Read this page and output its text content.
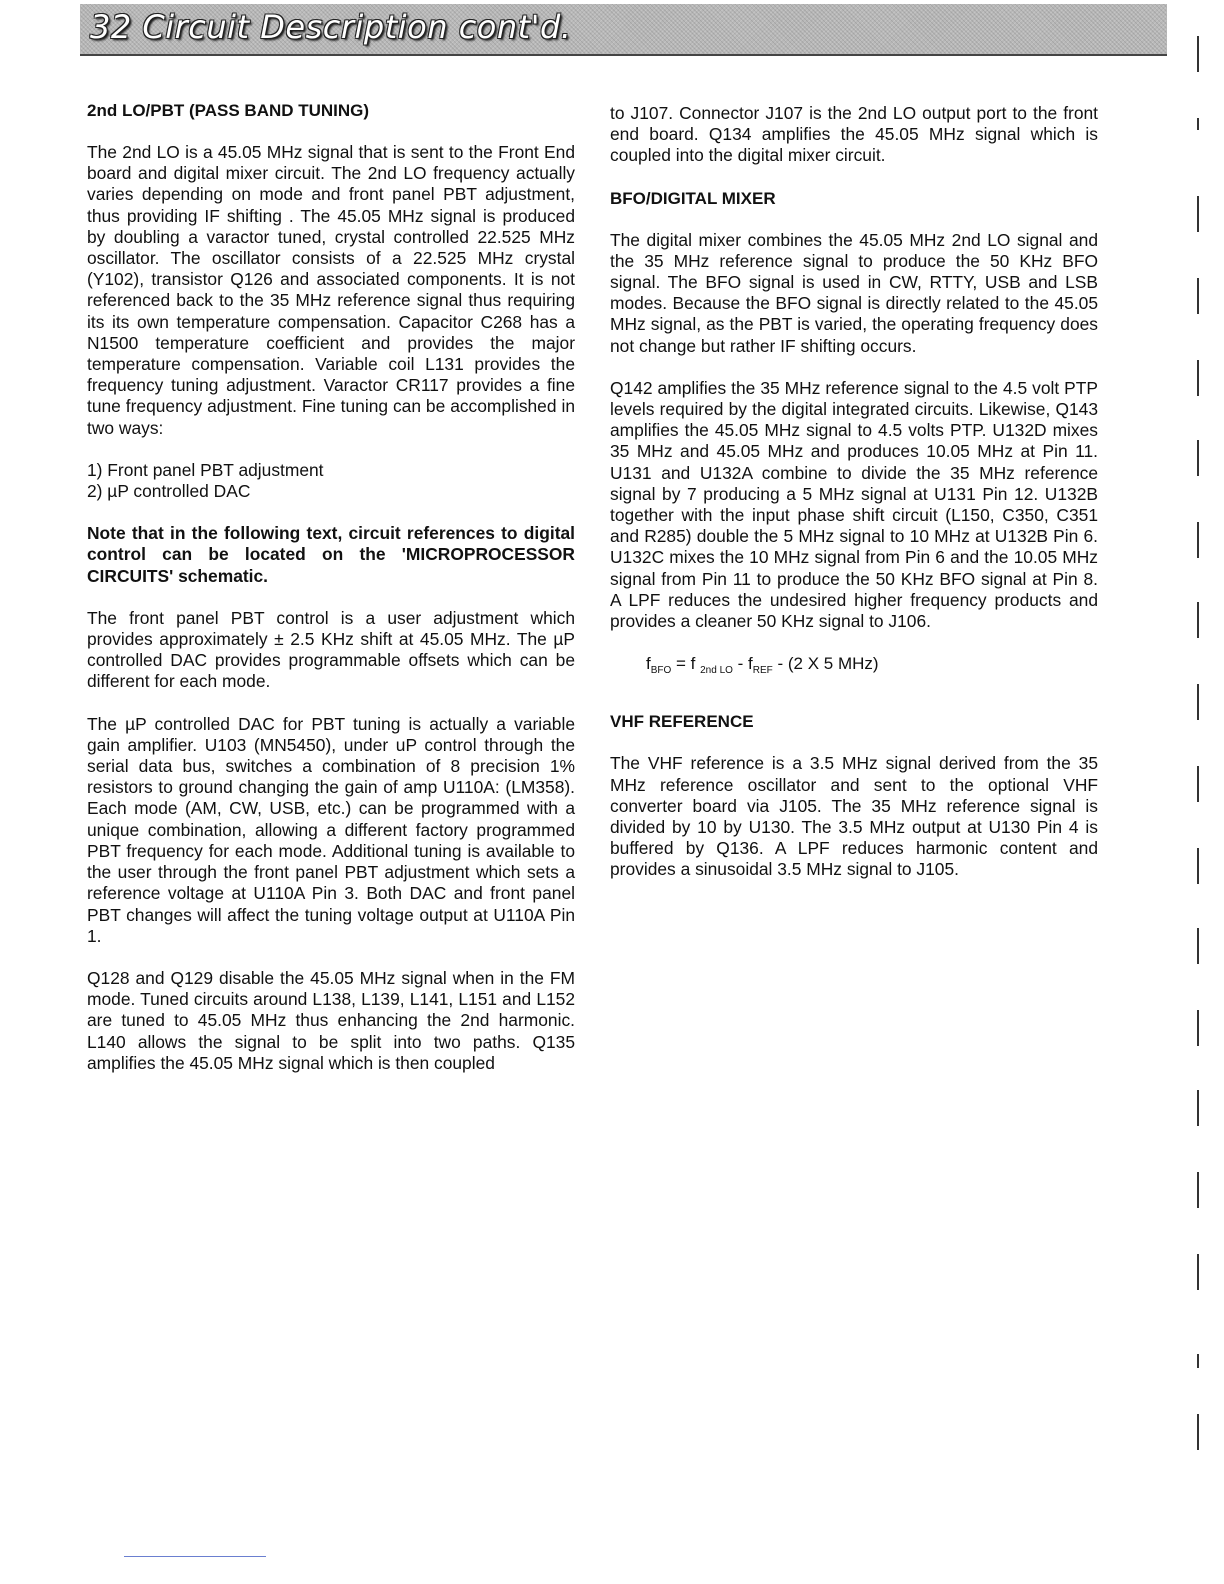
32 Circuit Description cont'd.
2nd LO/PBT (PASS BAND TUNING)

The 2nd LO is a 45.05 MHz signal that is sent to the Front End board and digital mixer circuit. The 2nd LO frequency actually varies depending on mode and front panel PBT adjustment, thus providing IF shifting . The 45.05 MHz signal is produced by doubling a varactor tuned, crystal controlled 22.525 MHz oscillator. The oscillator consists of a 22.525 MHz crystal (Y102), transistor Q126 and associated components. It is not referenced back to the 35 MHz reference signal thus requiring its its own temperature compensation. Capacitor C268 has a N1500 temperature coefficient and provides the major temperature compensation. Variable coil L131 provides the frequency tuning adjustment. Varactor CR117 provides a fine tune frequency adjustment. Fine tuning can be accomplished in two ways:

1) Front panel PBT adjustment

2) µP controlled DAC

Note that in the following text, circuit references to digital control can be located on the 'MICROPROCESSOR CIRCUITS' schematic.

The front panel PBT control is a user adjustment which provides approximately ± 2.5 KHz shift at 45.05 MHz. The µP controlled DAC provides programmable offsets which can be different for each mode.

The µP controlled DAC for PBT tuning is actually a variable gain amplifier. U103 (MN5450), under uP control through the serial data bus, switches a combination of 8 precision 1% resistors to ground changing the gain of amp U110A: (LM358). Each mode (AM, CW, USB, etc.) can be programmed with a unique combination, allowing a different factory programmed PBT frequency for each mode. Additional tuning is available to the user through the front panel PBT adjustment which sets a reference voltage at U110A Pin 3. Both DAC and front panel PBT changes will affect the tuning voltage output at U110A Pin 1.

Q128 and Q129 disable the 45.05 MHz signal when in the FM mode. Tuned circuits around L138, L139, L141, L151 and L152 are tuned to 45.05 MHz thus enhancing the 2nd harmonic. L140 allows the signal to be split into two paths. Q135 amplifies the 45.05 MHz signal which is then coupled

to J107. Connector J107 is the 2nd LO output port to the front end board. Q134 amplifies the 45.05 MHz signal which is coupled into the digital mixer circuit.

BFO/DIGITAL MIXER

The digital mixer combines the 45.05 MHz 2nd LO signal and the 35 MHz reference signal to produce the 50 KHz BFO signal. The BFO signal is used in CW, RTTY, USB and LSB modes. Because the BFO signal is directly related to the 45.05 MHz signal, as the PBT is varied, the operating frequency does not change but rather IF shifting occurs.

Q142 amplifies the 35 MHz reference signal to the 4.5 volt PTP levels required by the digital integrated circuits. Likewise, Q143 amplifies the 45.05 MHz signal to 4.5 volts PTP. U132D mixes 35 MHz and 45.05 MHz and produces 10.05 MHz at Pin 11. U131 and U132A combine to divide the 35 MHz reference signal by 7 producing a 5 MHz signal at U131 Pin 12. U132B together with the input phase shift circuit (L150, C350, C351 and R285) double the 5 MHz signal to 10 MHz at U132B Pin 6. U132C mixes the 10 MHz signal from Pin 6 and the 10.05 MHz signal from Pin 11 to produce the 50 KHz BFO signal at Pin 8. A LPF reduces the undesired higher frequency products and provides a cleaner 50 KHz signal to J106.

$f_{BFO} = f$ $_{2nd LO} - f_{REF} - (2$ X 5 MHz)
VHF REFERENCE

The VHF reference is a 3.5 MHz signal derived from the 35 MHz reference oscillator and sent to the optional VHF converter board via J105. The 35 MHz reference signal is divided by 10 by U130. The 3.5 MHz output at U130 Pin 4 is buffered by Q136. A LPF reduces harmonic content and provides a sinusoidal 3.5 MHz signal to J105.
